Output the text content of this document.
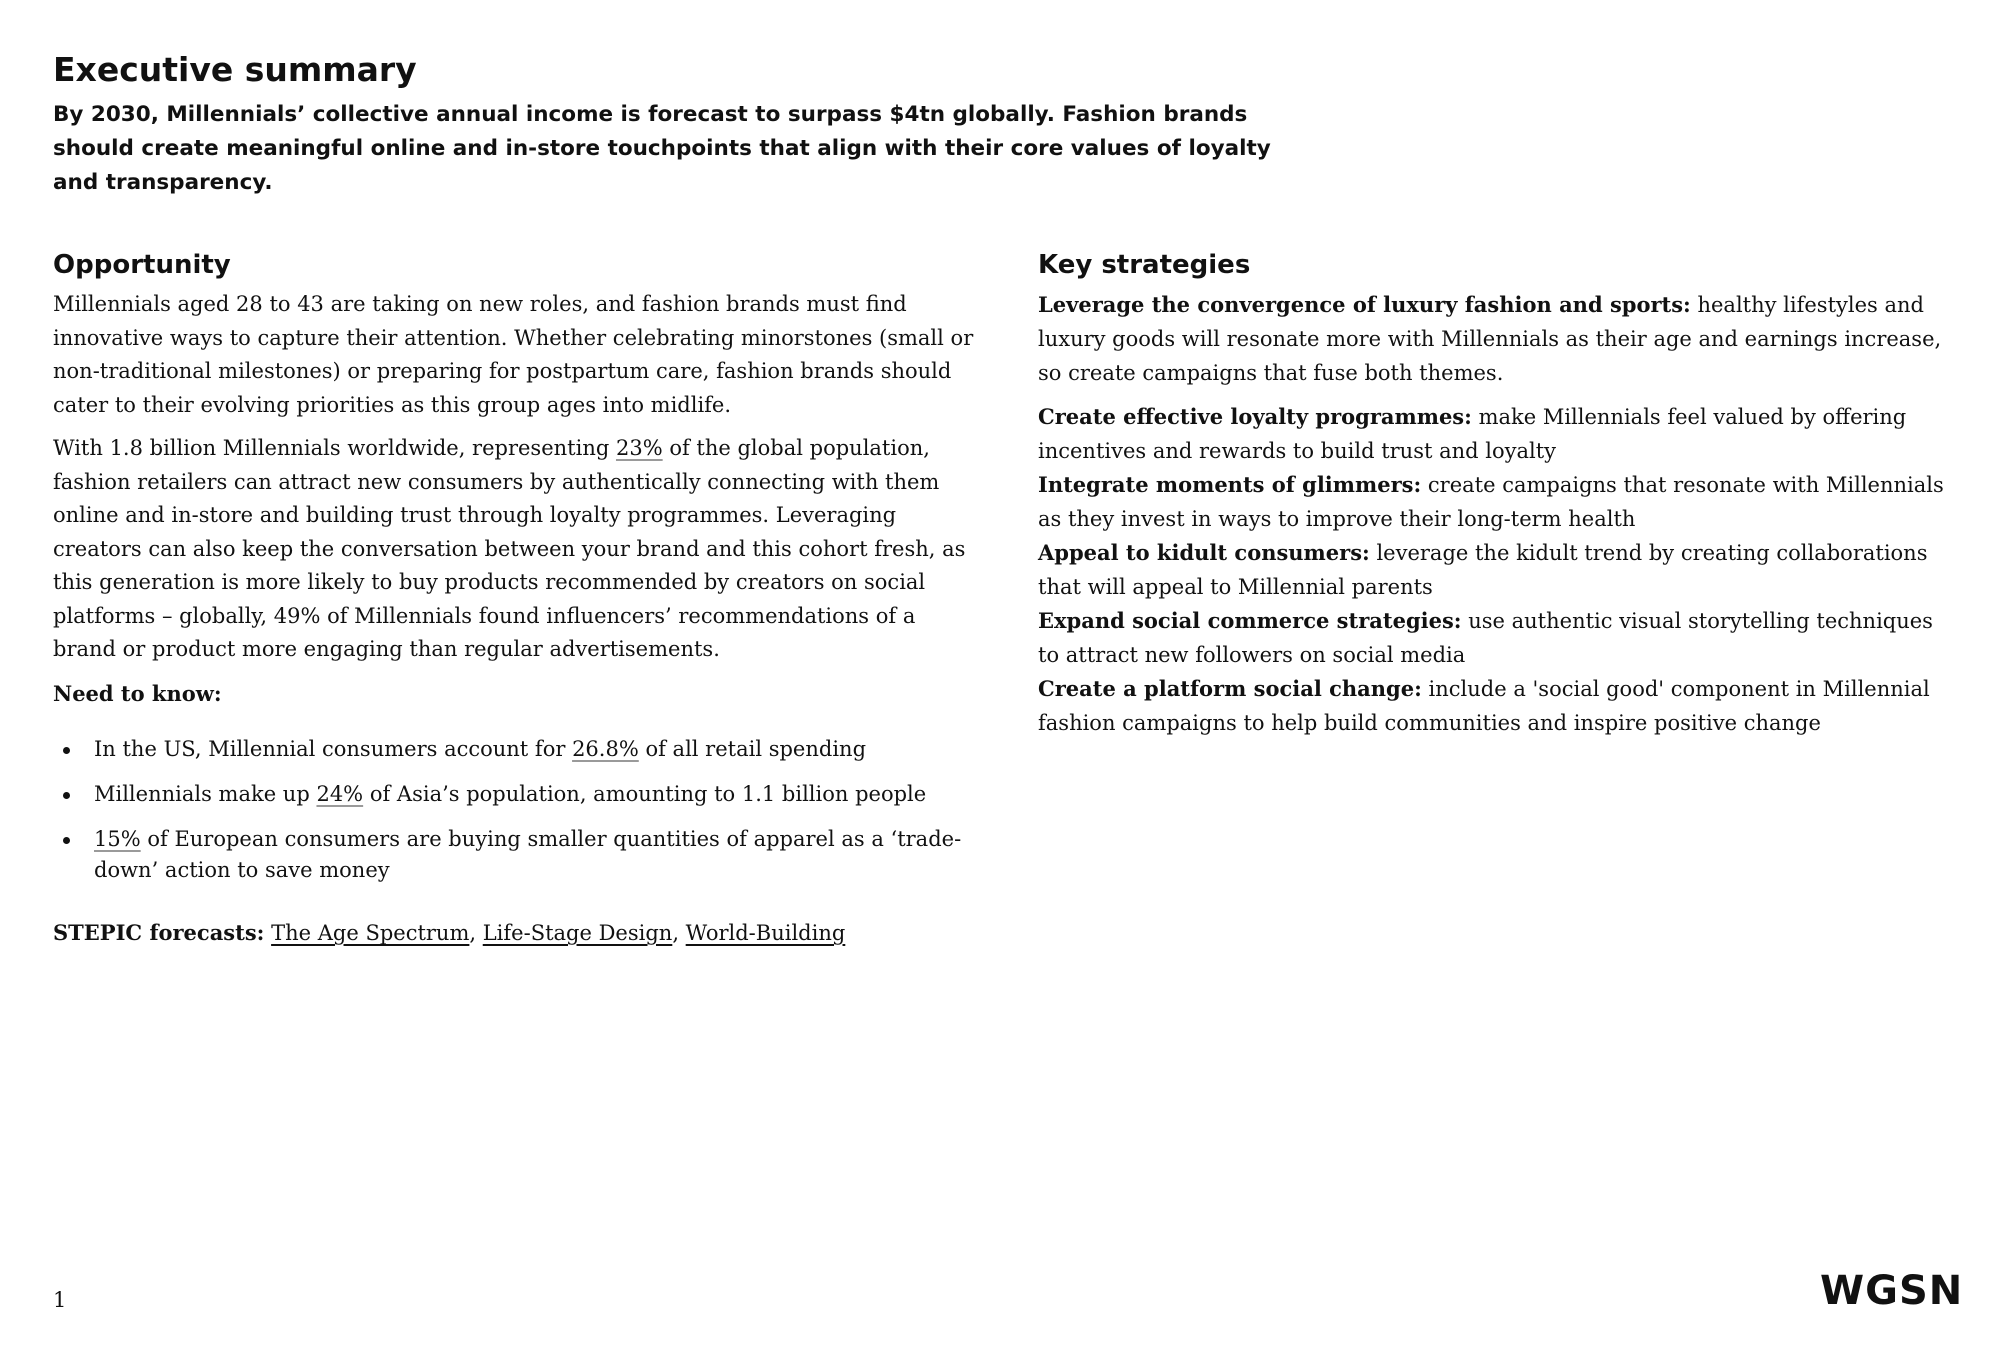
Executive summary

By 2030, Millennials’ collective annual income is forecast to surpass $4tn globally. Fashion brands should create meaningful online and in-store touchpoints that align with their core values of loyalty and transparency.

Opportunity

Millennials aged 28 to 43 are taking on new roles, and fashion brands must find innovative ways to capture their attention. Whether celebrating minorstones (small or non-traditional milestones) or preparing for postpartum care, fashion brands should cater to their evolving priorities as this group ages into midlife.

With 1.8 billion Millennials worldwide, representing 23% of the global population, fashion retailers can attract new consumers by authentically connecting with them online and in-store and building trust through loyalty programmes. Leveraging creators can also keep the conversation between your brand and this cohort fresh, as this generation is more likely to buy products recommended by creators on social platforms – globally, 49% of Millennials found influencers’ recommendations of a brand or product more engaging than regular advertisements.

Need to know:
In the US, Millennial consumers account for 26.8% of all retail spending
Millennials make up 24% of Asia’s population, amounting to 1.1 billion people
15% of European consumers are buying smaller quantities of apparel as a ‘trade-down’ action to save money
STEPIC forecasts: The Age Spectrum, Life-Stage Design, World-Building
Key strategies

Leverage the convergence of luxury fashion and sports: healthy lifestyles and luxury goods will resonate more with Millennials as their age and earnings increase, so create campaigns that fuse both themes.

Create effective loyalty programmes: make Millennials feel valued by offering incentives and rewards to build trust and loyalty

Integrate moments of glimmers: create campaigns that resonate with Millennials as they invest in ways to improve their long-term health

Appeal to kidult consumers: leverage the kidult trend by creating collaborations that will appeal to Millennial parents

Expand social commerce strategies: use authentic visual storytelling techniques to attract new followers on social media

Create a platform social change: include a 'social good' component in Millennial fashion campaigns to help build communities and inspire positive change

1	WGSN
